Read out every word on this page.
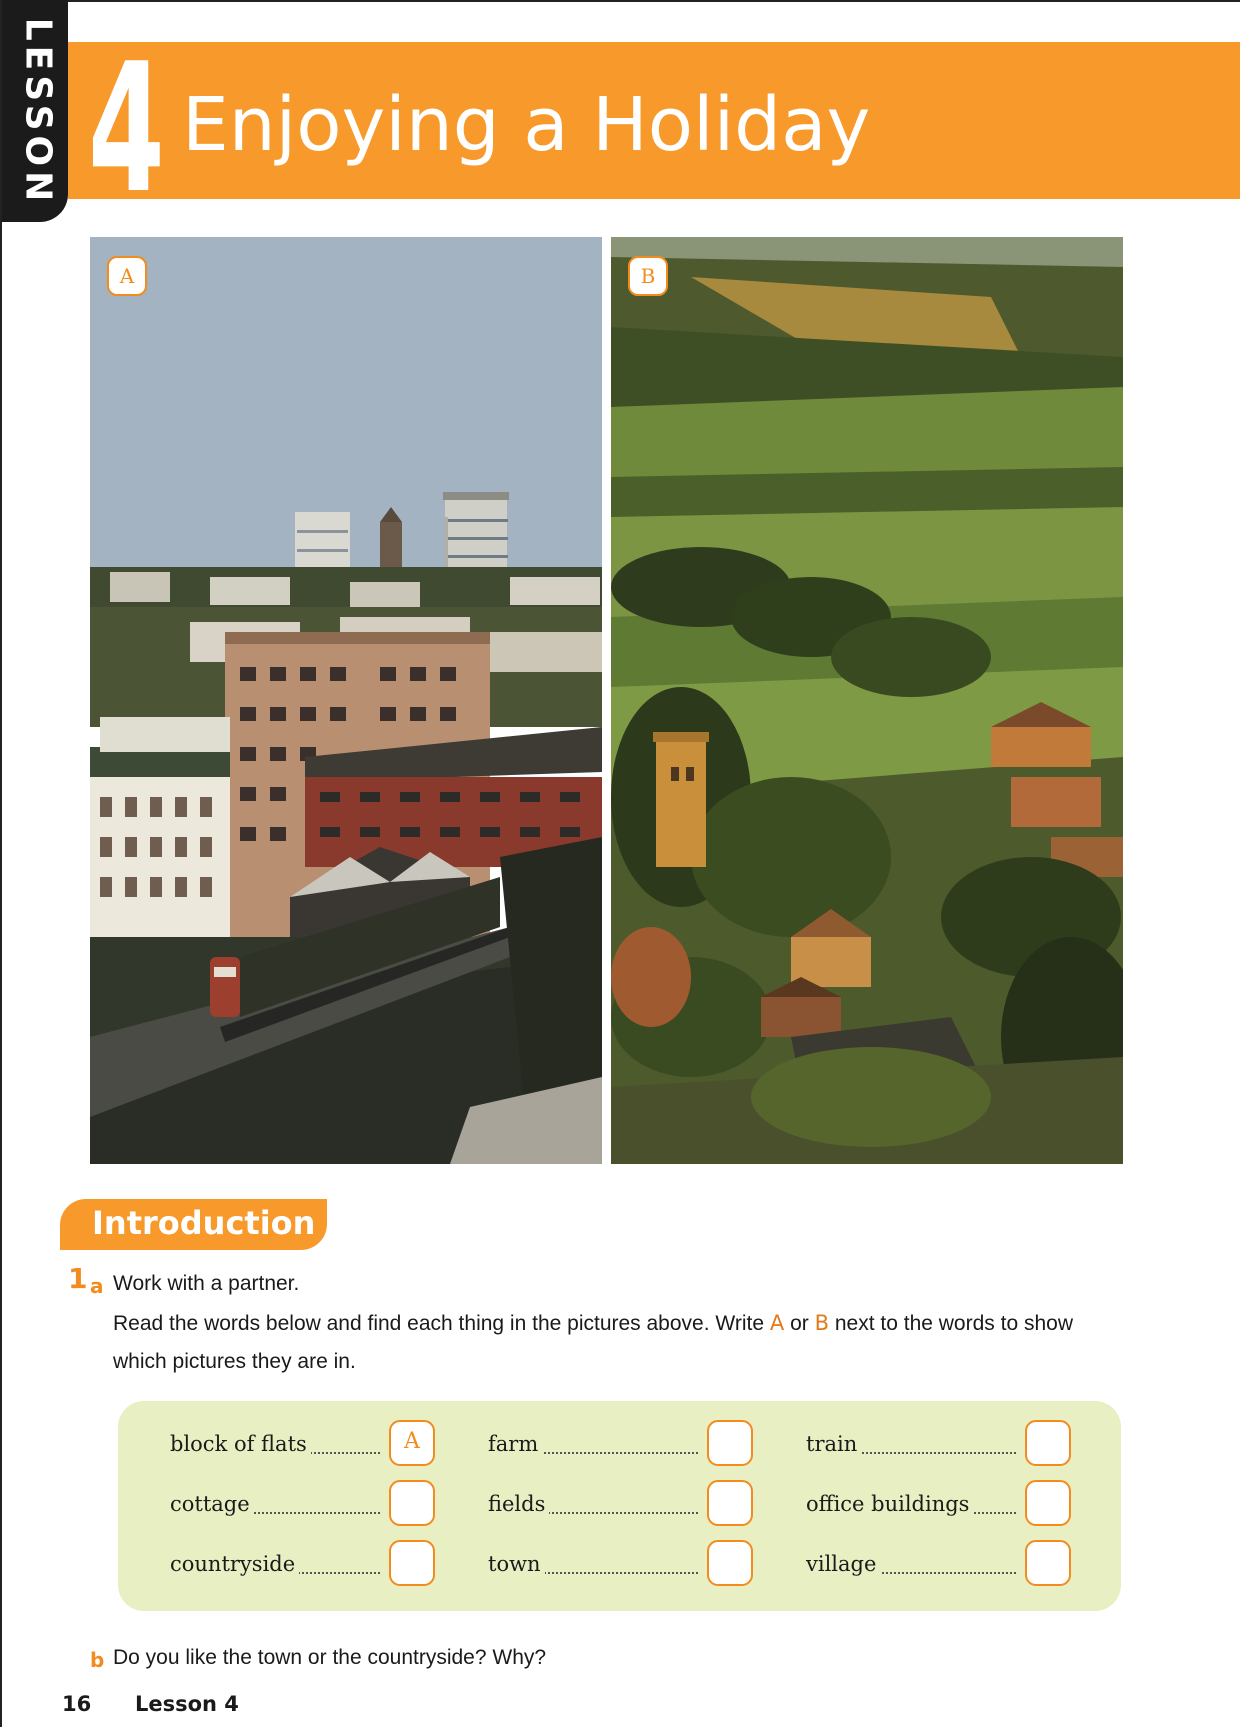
LESSON 4 Enjoying a Holiday
A	B
Introduction
1 a Work with a partner.
Read the words below and find each thing in the pictures above. Write A or B next to the words to show
which pictures they are in.
block of flats	A	farm	train
cottage	fields	office buildings
countryside	town	village
b Do you like the town or the countryside? Why?
16 Lesson 4
